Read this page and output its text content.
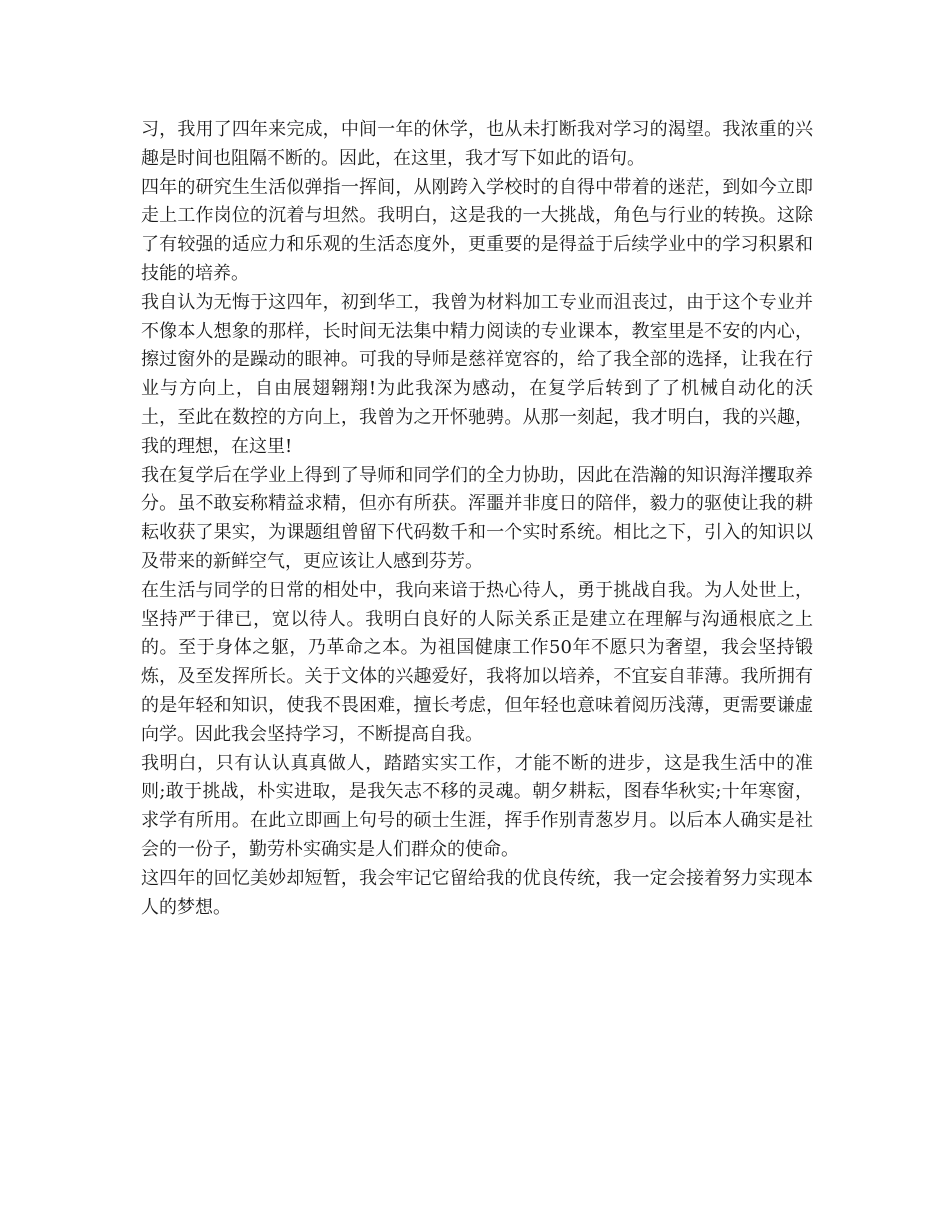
习，我用了四年来完成，中间一年的休学，也从未打断我对学习的渴望。我浓重的兴趣是时间也阻隔不断的。因此，在这里，我才写下如此的语句。

四年的研究生生活似弹指一挥间，从刚跨入学校时的自得中带着的迷茫，到如今立即走上工作岗位的沉着与坦然。我明白，这是我的一大挑战，角色与行业的转换。这除了有较强的适应力和乐观的生活态度外，更重要的是得益于后续学业中的学习积累和技能的培养。

我自认为无悔于这四年，初到华工，我曾为材料加工专业而沮丧过，由于这个专业并不像本人想象的那样，长时间无法集中精力阅读的专业课本，教室里是不安的内心，擦过窗外的是躁动的眼神。可我的导师是慈祥宽容的，给了我全部的选择，让我在行业与方向上，自由展翅翱翔!为此我深为感动，在复学后转到了了机械自动化的沃土，至此在数控的方向上，我曾为之开怀驰骋。从那一刻起，我才明白，我的兴趣，我的理想，在这里!

我在复学后在学业上得到了导师和同学们的全力协助，因此在浩瀚的知识海洋攫取养分。虽不敢妄称精益求精，但亦有所获。浑噩并非度日的陪伴，毅力的驱使让我的耕耘收获了果实，为课题组曾留下代码数千和一个实时系统。相比之下，引入的知识以及带来的新鲜空气，更应该让人感到芬芳。

在生活与同学的日常的相处中，我向来谙于热心待人，勇于挑战自我。为人处世上，坚持严于律已，宽以待人。我明白良好的人际关系正是建立在理解与沟通根底之上的。至于身体之躯，乃革命之本。为祖国健康工作50年不愿只为奢望，我会坚持锻炼，及至发挥所长。关于文体的兴趣爱好，我将加以培养，不宜妄自菲薄。我所拥有的是年轻和知识，使我不畏困难，擅长考虑，但年轻也意味着阅历浅薄，更需要谦虚向学。因此我会坚持学习，不断提高自我。

我明白，只有认认真真做人，踏踏实实工作，才能不断的进步，这是我生活中的准则;敢于挑战，朴实进取，是我矢志不移的灵魂。朝夕耕耘，图春华秋实;十年寒窗，求学有所用。在此立即画上句号的硕士生涯，挥手作别青葱岁月。以后本人确实是社会的一份子，勤劳朴实确实是人们群众的使命。

这四年的回忆美妙却短暂，我会牢记它留给我的优良传统，我一定会接着努力实现本人的梦想。
